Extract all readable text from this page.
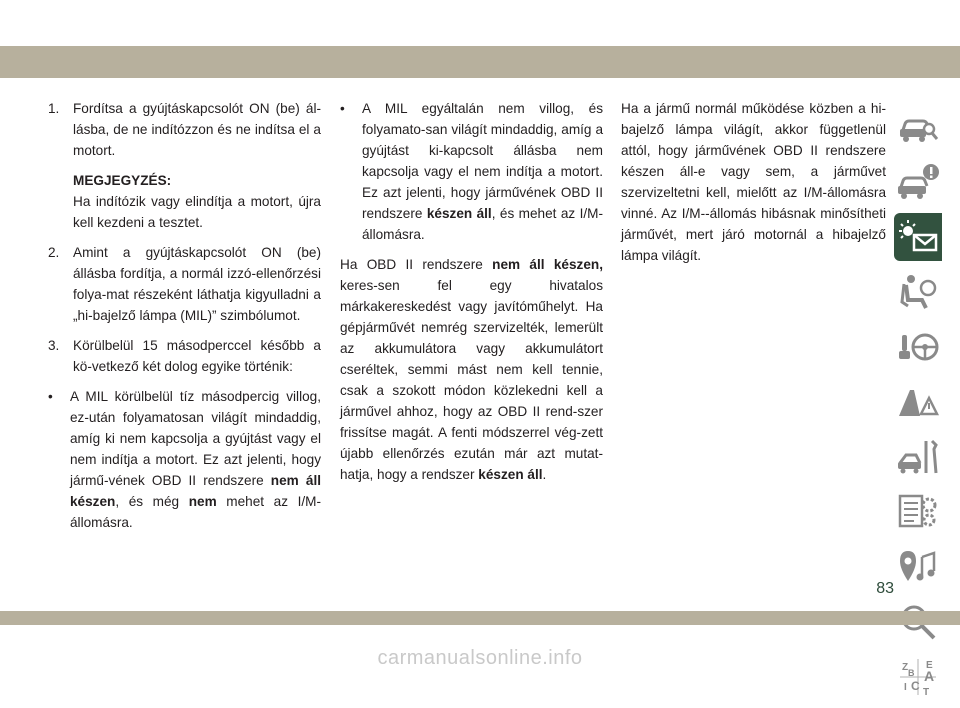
1.	Fordítsa a gyújtáskapcsolót ON (be) ál-lásba, de ne indítózzon és ne indítsa el a motort.
MEGJEGYZÉS:
Ha indítózik vagy elindítja a motort, újra kell kezdeni a tesztet.
2.	Amint a gyújtáskapcsolót ON (be) állásba fordítja, a normál izzó-ellenőrzési folya-mat részeként láthatja kigyulladni a „hi-bajelző lámpa (MIL)” szimbólumot.
3.	Körülbelül 15 másodperccel később a kö-vetkező két dolog egyike történik:
•	A MIL körülbelül tíz másodpercig villog, ez-után folyamatosan világít mindaddig, amíg ki nem kapcsolja a gyújtást vagy el nem indítja a motort. Ez azt jelenti, hogy jármű-vének OBD II rendszere nem áll készen, és még nem mehet az I/M-állomásra.
•	A MIL egyáltalán nem villog, és folyamato-san világít mindaddig, amíg a gyújtást ki-kapcsolt állásba nem kapcsolja vagy el nem indítja a motort. Ez azt jelenti, hogy járművének OBD II rendszere készen áll, és mehet az I/M-állomásra.

Ha OBD II rendszere nem áll készen, keres-sen fel egy hivatalos márkakereskedést vagy javítóműhelyt. Ha gépjárművét nemrég szervizelték, lemerült az akkumulátora vagy akkumulátort cseréltek, semmi mást nem kell tennie, csak a szokott módon közlekedni kell a járművel ahhoz, hogy az OBD II rend-szer frissítse magát. A fenti módszerrel vég-zett újabb ellenőrzés ezután már azt mutat-hatja, hogy a rendszer készen áll.

Ha a jármű normál működése közben a hi-bajelző lámpa világít, akkor függetlenül attól, hogy járművének OBD II rendszere készen áll-e vagy sem, a járművet szervizeltetni kell, mielőtt az I/M-állomásra vinné. Az I/M--állomás hibásnak minősítheti járművét, mert járó motornál a hibajelző lámpa világít.

Z E
B A
I C T
83
carmanualsonline.info
